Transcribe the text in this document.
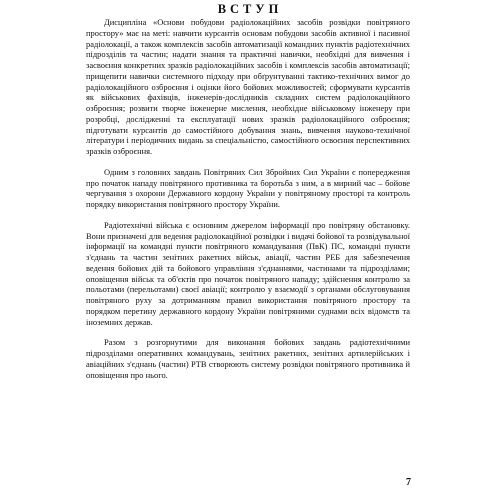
ВСТУП

Дисципліна «Основи побудови радіолокаційних засобів розвідки повітряного простору» має на меті: навчити курсантів основам побудови засобів активної і пасивної радіолокації, а також комплексів засобів автоматизації командних пунктів радіотехнічних підрозділів та частин; надати знання та практичні навички, необхідні для вивчення і засвоєння конкретних зразків радіолокаційних засобів і комплексів засобів автоматизації; прищепити навички системного підходу при обґрунтуванні тактико-технічних вимог до радіолокаційного озброєння і оцінки його бойових можливостей; сформувати курсантів як військових фахівців, інженерів-дослідників складних систем радіолокаційного озброєння; розвити творче інженерне мислення, необхідне військовому інженеру при розробці, дослідженні та експлуатації нових зразків радіолокаційного озброєння; підготувати курсантів до самостійного добування знань, вивчення науково-технічної літератури і періодичних видань за спеціальністю, самостійного освоєння перспективних зразків озброєння.

Одним з головних завдань Повітряних Сил Збройних Сил України є попередження про початок нападу повітряного противника та боротьба з ним, а в мирний час – бойове чергування з охорони Державного кордону України у повітряному просторі та контроль порядку використання повітряного простору України.

Радіотехнічні війська є основним джерелом інформації про повітряну обстановку. Вони призначені для ведення радіолокаційної розвідки і видачі бойової та розвідувальної інформації на командні пункти повітряного командування (ПвК) ПС, командні пункти з'єднань та частин зенітних ракетних військ, авіації, частин РЕБ для забезпечення ведення бойових дій та бойового управління з'єднаннями, частинами та підрозділами; оповіщення військ та об'єктів про початок повітряного нападу; здійснення контролю за польотами (перельотами) своєї авіації; контролю у взаємодії з органами обслуговування повітряного руху за дотриманням правил використання повітряного простору та порядком перетину державного кордону України повітряними суднами всіх відомств та іноземних держав.

Разом з розгорнутими для виконання бойових завдань радіотехнічними підрозділами оперативних командувань, зенітних ракетних, зенітних артилерійських і авіаційних з'єднань (частин) РТВ створюють систему розвідки повітряного противника й оповіщення про нього.

7
